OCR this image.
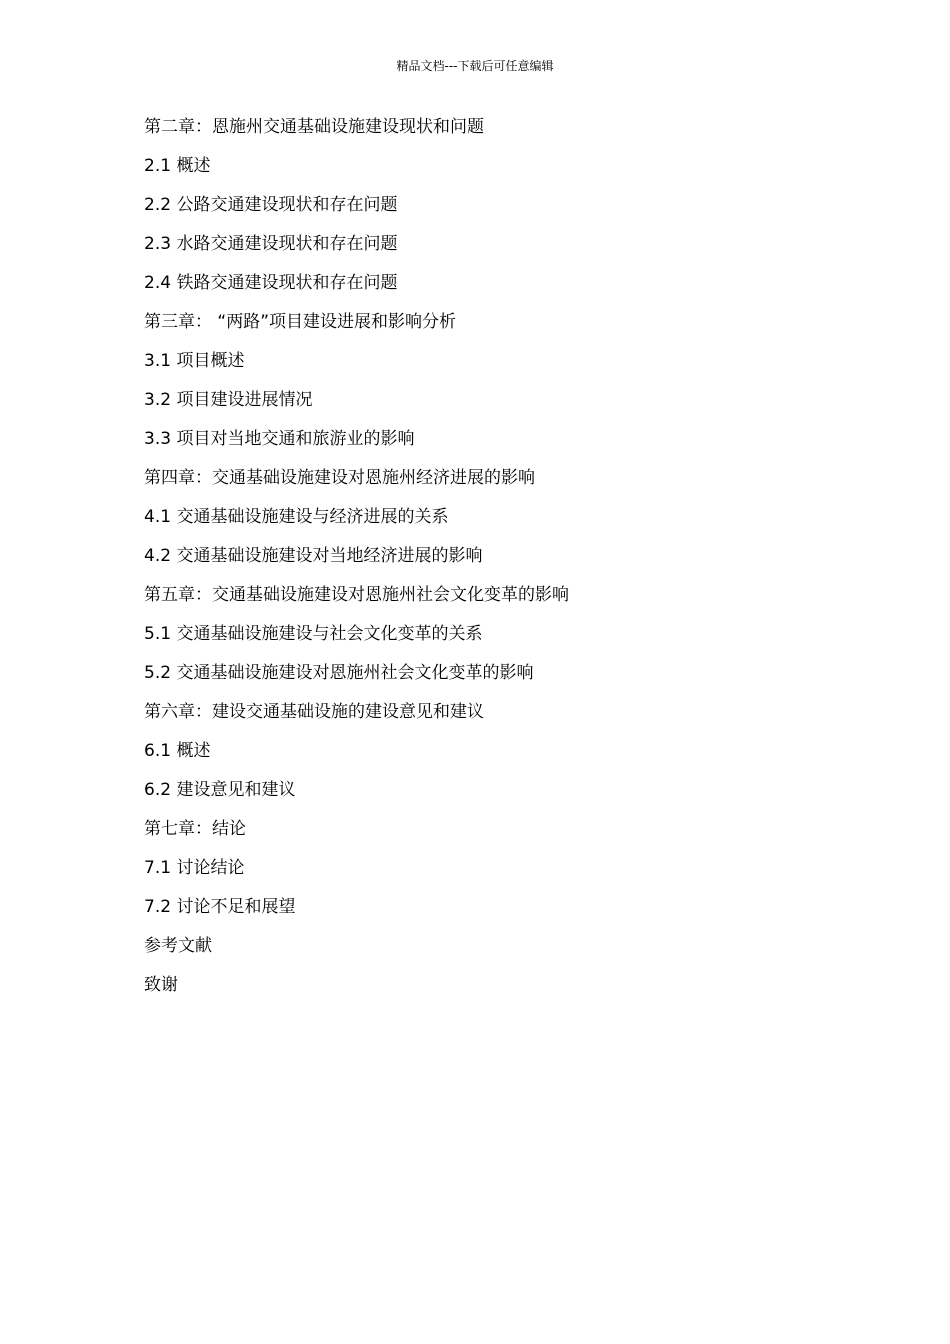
精品文档---下载后可任意编辑
第二章：恩施州交通基础设施建设现状和问题
2.1 概述
2.2 公路交通建设现状和存在问题
2.3 水路交通建设现状和存在问题
2.4 铁路交通建设现状和存在问题
第三章： “两路”项目建设进展和影响分析
3.1 项目概述
3.2 项目建设进展情况
3.3 项目对当地交通和旅游业的影响
第四章：交通基础设施建设对恩施州经济进展的影响
4.1 交通基础设施建设与经济进展的关系
4.2 交通基础设施建设对当地经济进展的影响
第五章：交通基础设施建设对恩施州社会文化变革的影响
5.1 交通基础设施建设与社会文化变革的关系
5.2 交通基础设施建设对恩施州社会文化变革的影响
第六章：建设交通基础设施的建设意见和建议
6.1 概述
6.2 建设意见和建议
第七章：结论
7.1 讨论结论
7.2 讨论不足和展望
参考文献
致谢
